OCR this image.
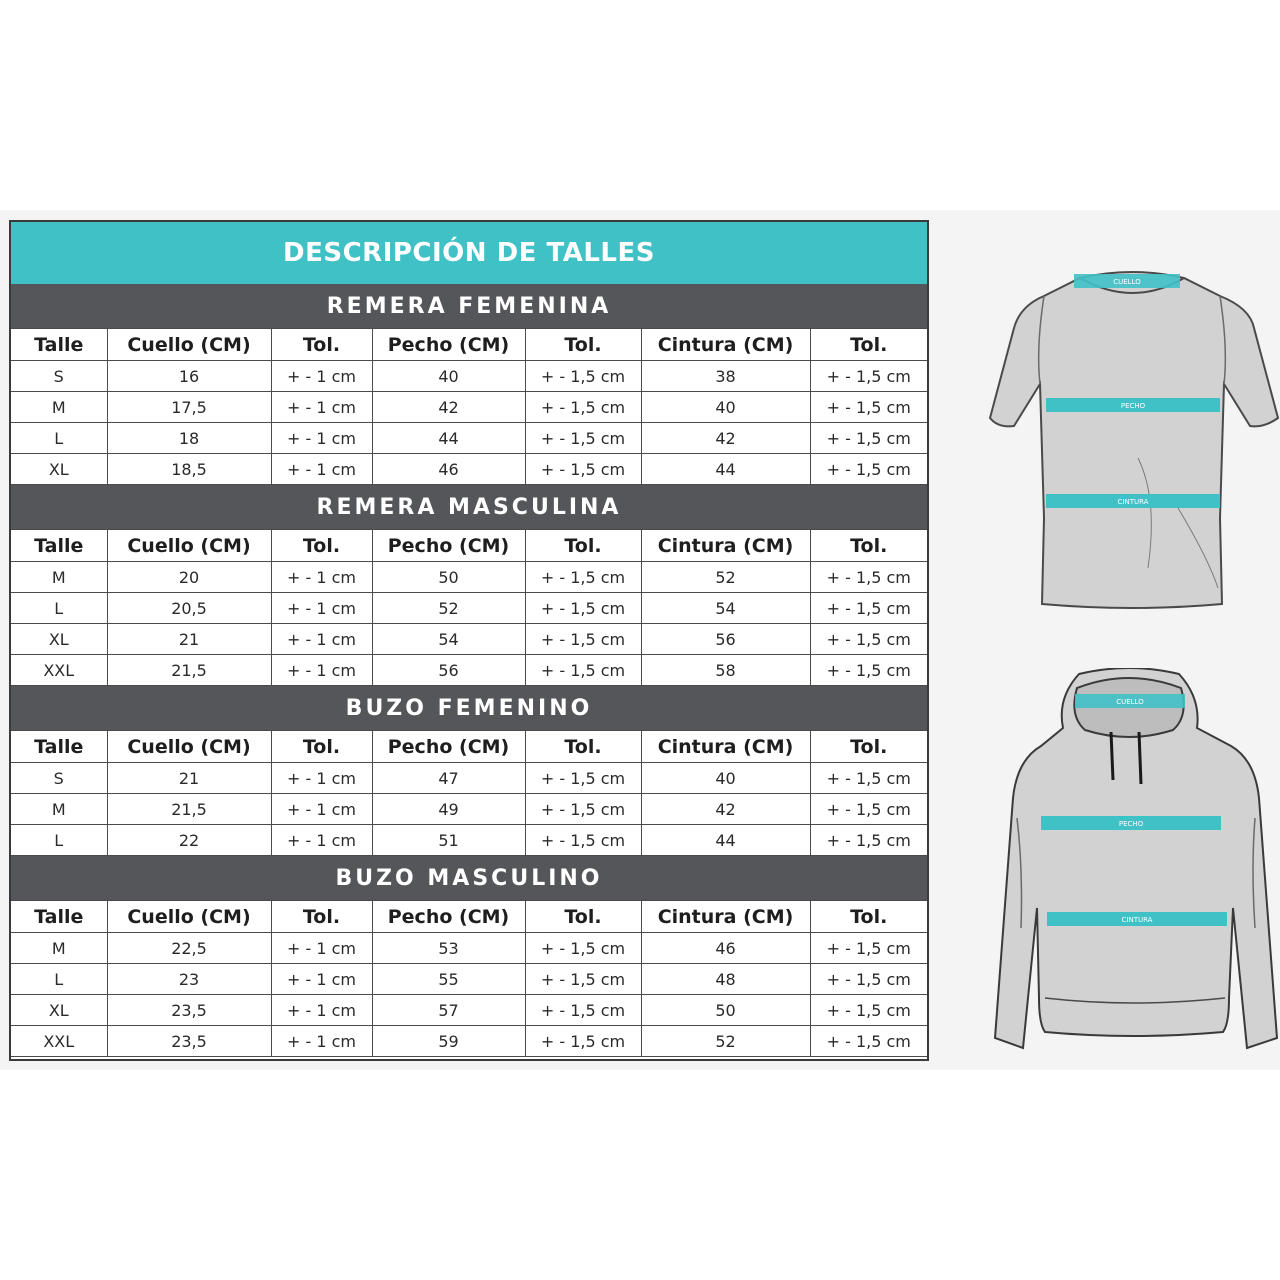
DESCRIPCIÓN DE TALLES
REMERA FEMENINA
Talle	Cuello (CM)	Tol.	Pecho (CM)	Tol.	Cintura (CM)	Tol.
S	16	+ - 1 cm	40	+ - 1,5 cm	38	+ - 1,5 cm
M	17,5	+ - 1 cm	42	+ - 1,5 cm	40	+ - 1,5 cm
L	18	+ - 1 cm	44	+ - 1,5 cm	42	+ - 1,5 cm
XL	18,5	+ - 1 cm	46	+ - 1,5 cm	44	+ - 1,5 cm
REMERA MASCULINA
Talle	Cuello (CM)	Tol.	Pecho (CM)	Tol.	Cintura (CM)	Tol.
M	20	+ - 1 cm	50	+ - 1,5 cm	52	+ - 1,5 cm
L	20,5	+ - 1 cm	52	+ - 1,5 cm	54	+ - 1,5 cm
XL	21	+ - 1 cm	54	+ - 1,5 cm	56	+ - 1,5 cm
XXL	21,5	+ - 1 cm	56	+ - 1,5 cm	58	+ - 1,5 cm
BUZO FEMENINO
Talle	Cuello (CM)	Tol.	Pecho (CM)	Tol.	Cintura (CM)	Tol.
S	21	+ - 1 cm	47	+ - 1,5 cm	40	+ - 1,5 cm
M	21,5	+ - 1 cm	49	+ - 1,5 cm	42	+ - 1,5 cm
L	22	+ - 1 cm	51	+ - 1,5 cm	44	+ - 1,5 cm
BUZO MASCULINO
Talle	Cuello (CM)	Tol.	Pecho (CM)	Tol.	Cintura (CM)	Tol.
M	22,5	+ - 1 cm	53	+ - 1,5 cm	46	+ - 1,5 cm
L	23	+ - 1 cm	55	+ - 1,5 cm	48	+ - 1,5 cm
XL	23,5	+ - 1 cm	57	+ - 1,5 cm	50	+ - 1,5 cm
XXL	23,5	+ - 1 cm	59	+ - 1,5 cm	52	+ - 1,5 cm
CUELLO
PECHO
CINTURA
CUELLO
PECHO
CINTURA
